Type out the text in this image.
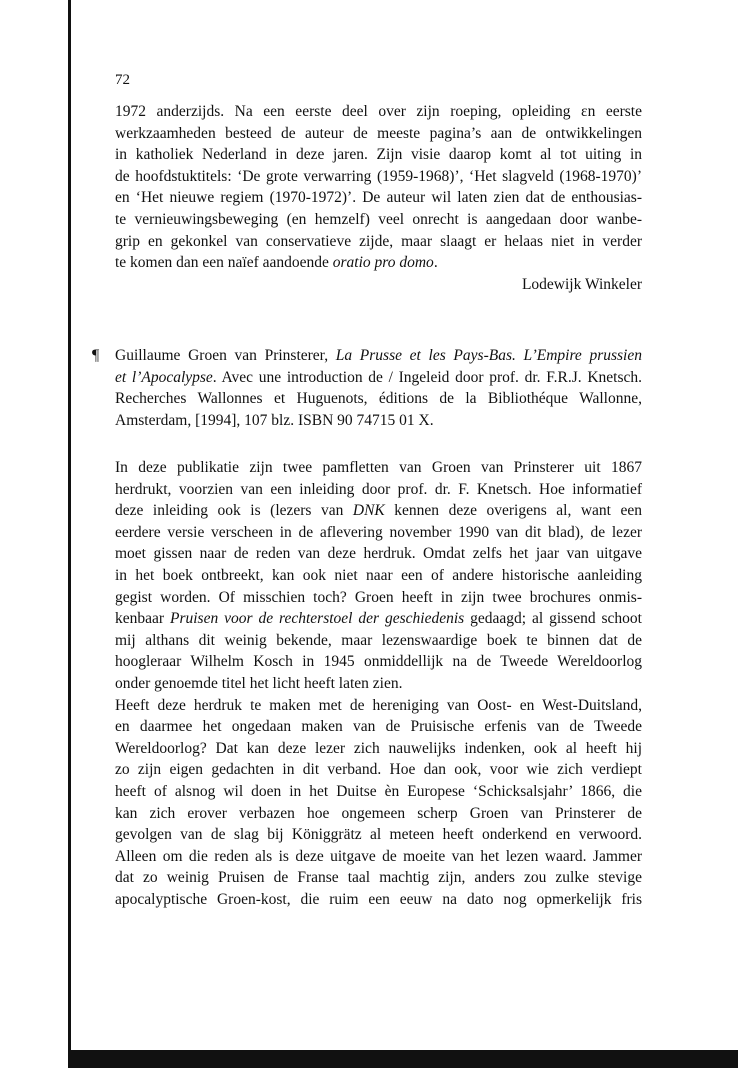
72
1972 anderzijds. Na een eerste deel over zijn roeping, opleiding ɛn eerste
werkzaamheden besteed de auteur de meeste pagina’s aan de ontwikkelingen
in katholiek Nederland in deze jaren. Zijn visie daarop komt al tot uiting in
de hoofdstuktitels: ‘De grote verwarring (1959-1968)’, ‘Het slagveld (1968-1970)’
en ‘Het nieuwe regiem (1970-1972)’. De auteur wil laten zien dat de enthousias-
te vernieuwingsbeweging (en hemzelf) veel onrecht is aangedaan door wanbe-
grip en gekonkel van conservatieve zijde, maar slaagt er helaas niet in verder
te komen dan een naïef aandoende oratio pro domo.
Lodewijk Winkeler
¶ Guillaume Groen van Prinsterer, La Prusse et les Pays-Bas. L’Empire prussien
et l’Apocalypse. Avec une introduction de / Ingeleid door prof. dr. F.R.J. Knetsch.
Recherches Wallonnes et Huguenots, éditions de la Bibliothéque Wallonne,
Amsterdam, [1994], 107 blz. ISBN 90 74715 01 X.
In deze publikatie zijn twee pamfletten van Groen van Prinsterer uit 1867
herdrukt, voorzien van een inleiding door prof. dr. F. Knetsch. Hoe informatief
deze inleiding ook is (lezers van DNK kennen deze overigens al, want een
eerdere versie verscheen in de aflevering november 1990 van dit blad), de lezer
moet gissen naar de reden van deze herdruk. Omdat zelfs het jaar van uitgave
in het boek ontbreekt, kan ook niet naar een of andere historische aanleiding
gegist worden. Of misschien toch? Groen heeft in zijn twee brochures onmis-
kenbaar Pruisen voor de rechterstoel der geschiedenis gedaagd; al gissend schoot
mij althans dit weinig bekende, maar lezenswaardige boek te binnen dat de
hoogleraar Wilhelm Kosch in 1945 onmiddellijk na de Tweede Wereldoorlog
onder genoemde titel het licht heeft laten zien.
Heeft deze herdruk te maken met de hereniging van Oost- en West-Duitsland,
en daarmee het ongedaan maken van de Pruisische erfenis van de Tweede
Wereldoorlog? Dat kan deze lezer zich nauwelijks indenken, ook al heeft hij
zo zijn eigen gedachten in dit verband. Hoe dan ook, voor wie zich verdiept
heeft of alsnog wil doen in het Duitse èn Europese ‘Schicksalsjahr’ 1866, die
kan zich erover verbazen hoe ongemeen scherp Groen van Prinsterer de
gevolgen van de slag bij Königgrätz al meteen heeft onderkend en verwoord.
Alleen om die reden als is deze uitgave de moeite van het lezen waard. Jammer
dat zo weinig Pruisen de Franse taal machtig zijn, anders zou zulke stevige
apocalyptische Groen-kost, die ruim een eeuw na dato nog opmerkelijk fris
